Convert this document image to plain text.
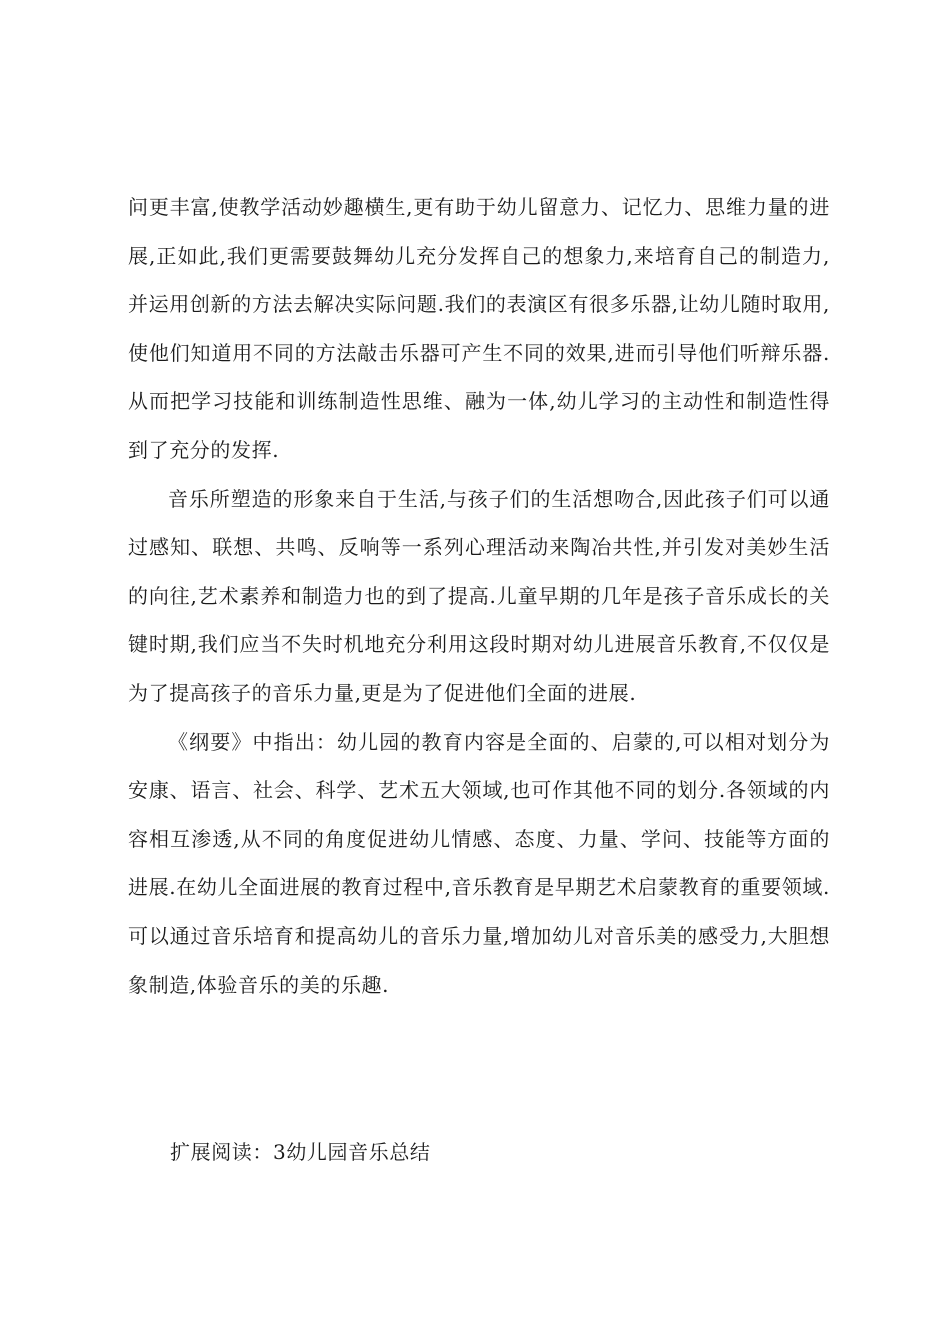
问更丰富,使教学活动妙趣横生,更有助于幼儿留意力、记忆力、思维力量的进展,正如此,我们更需要鼓舞幼儿充分发挥自己的想象力,来培育自己的制造力,并运用创新的方法去解决实际问题.我们的表演区有很多乐器,让幼儿随时取用,使他们知道用不同的方法敲击乐器可产生不同的效果,进而引导他们听辩乐器.从而把学习技能和训练制造性思维、融为一体,幼儿学习的主动性和制造性得到了充分的发挥.

音乐所塑造的形象来自于生活,与孩子们的生活想吻合,因此孩子们可以通过感知、联想、共鸣、反响等一系列心理活动来陶冶共性,并引发对美妙生活的向往,艺术素养和制造力也的到了提高.儿童早期的几年是孩子音乐成长的关键时期,我们应当不失时机地充分利用这段时期对幼儿进展音乐教育,不仅仅是为了提高孩子的音乐力量,更是为了促进他们全面的进展.

《纲要》中指出：幼儿园的教育内容是全面的、启蒙的,可以相对划分为安康、语言、社会、科学、艺术五大领域,也可作其他不同的划分.各领域的内容相互渗透,从不同的角度促进幼儿情感、态度、力量、学问、技能等方面的进展.在幼儿全面进展的教育过程中,音乐教育是早期艺术启蒙教育的重要领域.可以通过音乐培育和提高幼儿的音乐力量,增加幼儿对音乐美的感受力,大胆想象制造,体验音乐的美的乐趣.

扩展阅读：3幼儿园音乐总结
